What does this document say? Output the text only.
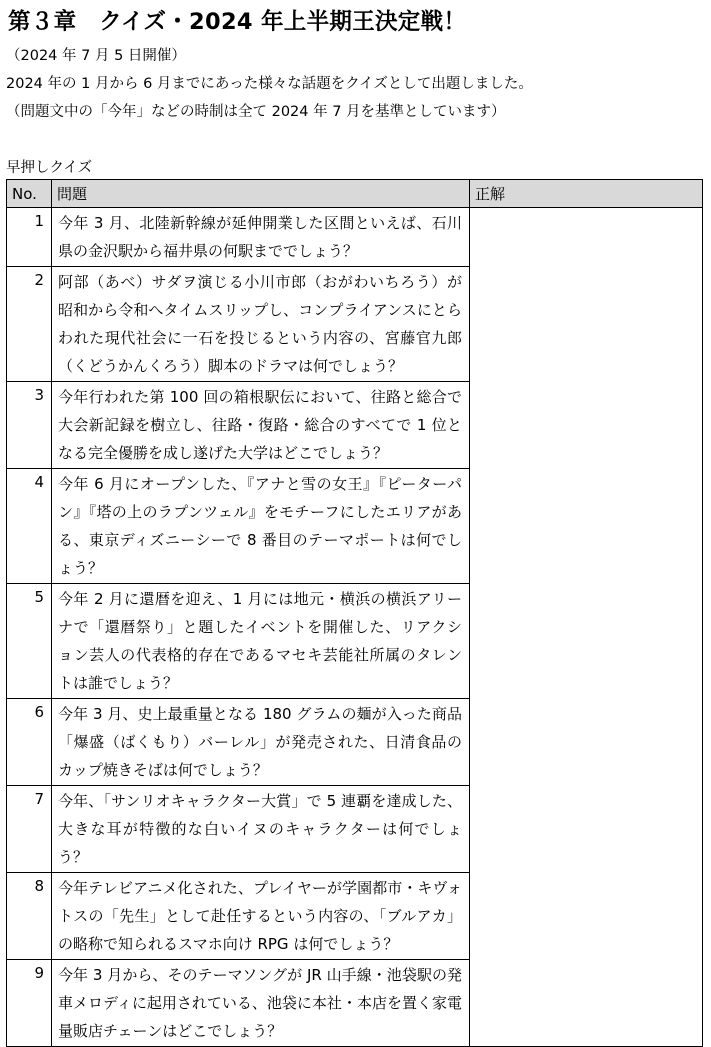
第３章　クイズ・2024 年上半期王決定戦！
（2024 年 7 月 5 日開催）
2024 年の 1 月から 6 月までにあった様々な話題をクイズとして出題しました。
（問題文中の「今年」などの時制は全て 2024 年 7 月を基準としています）
早押しクイズ
No.	問題	正解
1	今年 3 月、北陸新幹線が延伸開業した区間といえば、石川県の金沢駅から福井県の何駅まででしょう？	
2	阿部（あべ）サダヲ演じる小川市郎（おがわいちろう）が昭和から令和へタイムスリップし、コンプライアンスにとらわれた現代社会に一石を投じるという内容の、宮藤官九郎（くどうかんくろう）脚本のドラマは何でしょう？	
3	今年行われた第 100 回の箱根駅伝において、往路と総合で大会新記録を樹立し、往路・復路・総合のすべてで 1 位となる完全優勝を成し遂げた大学はどこでしょう？	
4	今年 6 月にオープンした、『アナと雪の女王』『ピーターパン』『塔の上のラプンツェル』をモチーフにしたエリアがある、東京ディズニーシーで 8 番目のテーマポートは何でしょう？	
5	今年 2 月に還暦を迎え、1 月には地元・横浜の横浜アリーナで「還暦祭り」と題したイベントを開催した、リアクション芸人の代表格的存在であるマセキ芸能社所属のタレントは誰でしょう？	
6	今年 3 月、史上最重量となる 180 グラムの麺が入った商品「爆盛（ばくもり）バーレル」が発売された、日清食品のカップ焼きそばは何でしょう？	
7	今年、「サンリオキャラクター大賞」で 5 連覇を達成した、大きな耳が特徴的な白いイヌのキャラクターは何でしょう？	
8	今年テレビアニメ化された、プレイヤーが学園都市・キヴォトスの「先生」として赴任するという内容の、「ブルアカ」の略称で知られるスマホ向け RPG は何でしょう？	
9	今年 3 月から、そのテーマソングが JR 山手線・池袋駅の発車メロディに起用されている、池袋に本社・本店を置く家電量販店チェーンはどこでしょう？	
